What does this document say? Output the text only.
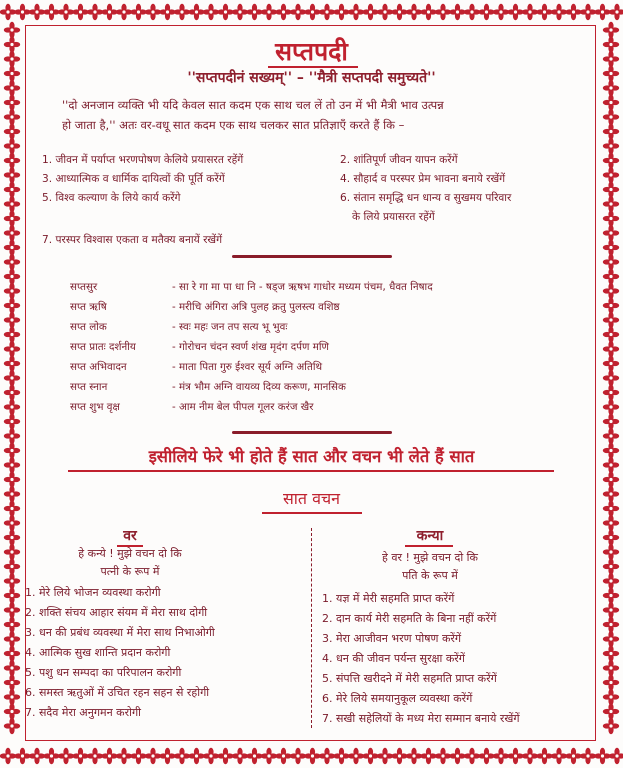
सप्तपदी
''सप्तपदीनं सख्यम्'' – ''मैत्री सप्तपदी समुच्यते''
''दो अनजान व्यक्ति भी यदि केवल सात कदम एक साथ चल लें तो उन में भी मैत्री भाव उत्पन्न
हो जाता है,'' अतः वर-वधू सात कदम एक साथ चलकर सात प्रतिज्ञाएँ करते हैं कि –
1. जीवन में पर्याप्त भरणपोषण केलिये प्रयासरत रहेंगें	2. शांतिपूर्ण जीवन यापन करेंगें
3. आध्यात्मिक व धार्मिक दायित्वों की पूर्ति करेंगें	4. सौहार्द व परस्पर प्रेम भावना बनाये रखेंगें
5. विश्व कल्याण के लिये कार्य करेंगे	6. संतान समृद्धि धन धान्य व सुखमय परिवार
के लिये प्रयासरत रहेंगें
7. परस्पर विश्वास एकता व मतैक्य बनायें रखेंगें
सप्तसुर	- सा रे गा मा पा धा नि - षड्ज ऋषभ गाधोर मध्यम पंचम, धैवत निषाद
सप्त ऋषि	- मरीचि अंगिरा अत्रि पुलह क्रतु पुलस्त्य वशिष्ठ
सप्त लोक	- स्वः महः जन तप सत्य भू भुवः
सप्त प्रातः दर्शनीय	- गोरोचन चंदन स्वर्ण शंख मृदंग दर्पण मणि
सप्त अभिवादन	- माता पिता गुरु ईश्वर सूर्य अग्नि अतिथि
सप्त स्नान	- मंत्र भौम अग्नि वायव्य दिव्य करूण, मानसिक
सप्त शुभ वृक्ष	- आम नीम बेल पीपल गूलर करंज खैर
इसीलिये फेरे भी होते हैं सात और वचन भी लेते हैं सात
सात वचन
वर
हे कन्ये ! मुझे वचन दो कि
पत्नी के रूप में
1. मेरे लिये भोजन व्यवस्था करोगी
2. शक्ति संचय आहार संयम में मेरा साथ दोगी
3. धन की प्रबंध व्यवस्था में मेरा साथ निभाओगी
4. आत्मिक सुख शान्ति प्रदान करोगी
5. पशु धन सम्पदा का परिपालन करोगी
6. समस्त ऋतुओं में उचित रहन सहन से रहोगी
7. सदैव मेरा अनुगमन करोगी
कन्या
हे वर ! मुझे वचन दो कि
पति के रूप में
1. यज्ञ में मेरी सहमति प्राप्त करेंगें
2. दान कार्य मेरी सहमति के बिना नहीं करेंगें
3. मेरा आजीवन भरण पोषण करेंगें
4. धन की जीवन पर्यन्त सुरक्षा करेंगें
5. संपत्ति खरीदने में मेरी सहमति प्राप्त करेंगें
6. मेरे लिये समयानुकूल व्यवस्था करेंगें
7. सखी सहेलियों के मध्य मेरा सम्मान बनाये रखेंगें
